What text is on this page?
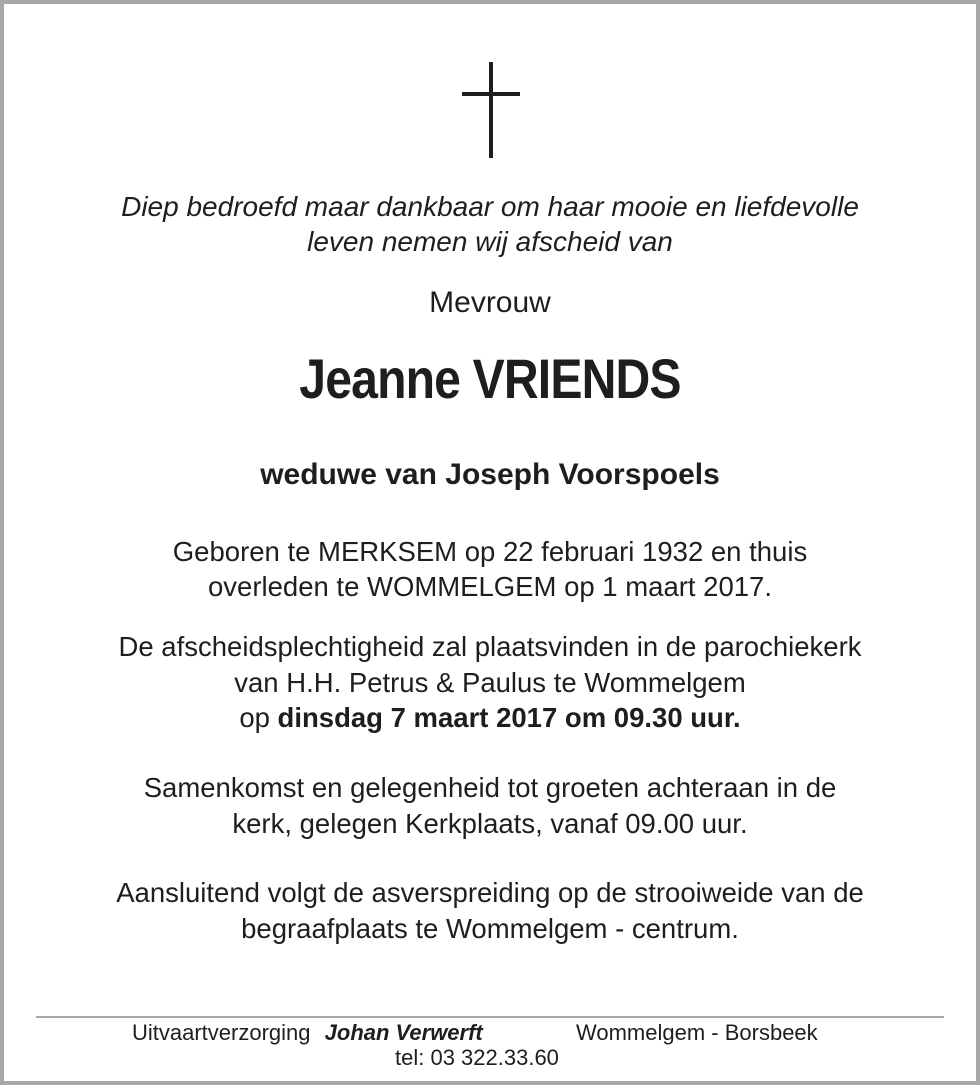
Diep bedroefd maar dankbaar om haar mooie en liefdevolle
leven nemen wij afscheid van
Mevrouw
Jeanne VRIENDS
weduwe van Joseph Voorspoels
Geboren te MERKSEM op 22 februari 1932 en thuis
overleden te WOMMELGEM op 1 maart 2017.
De afscheidsplechtigheid zal plaatsvinden in de parochiekerk
van H.H. Petrus & Paulus te Wommelgem
op dinsdag 7 maart 2017 om 09.30 uur.
Samenkomst en gelegenheid tot groeten achteraan in de
kerk, gelegen Kerkplaats, vanaf 09.00 uur.
Aansluitend volgt de asverspreiding op de strooiweide van de
begraafplaats te Wommelgem - centrum.
Uitvaartverzorging Johan Verwerft	Wommelgem - Borsbeek
tel: 03 322.33.60
